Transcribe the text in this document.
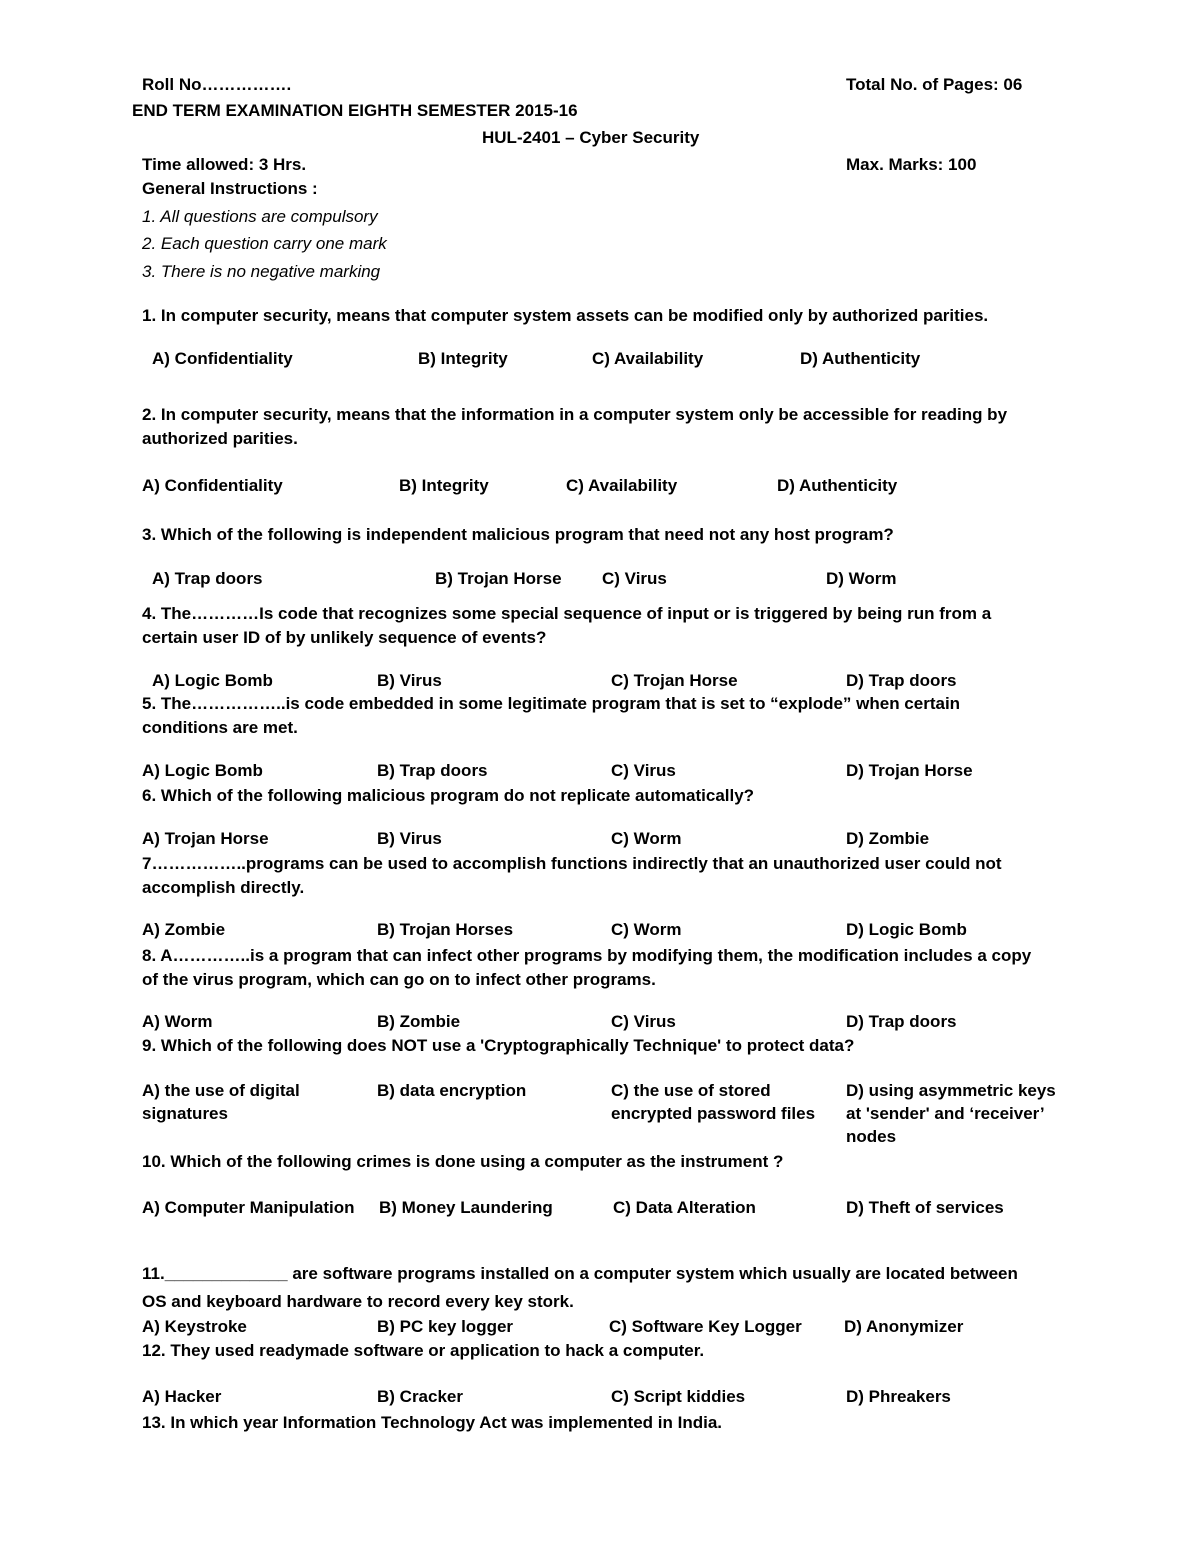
Roll No…………….	Total No. of Pages: 06
END TERM EXAMINATION EIGHTH SEMESTER 2015-16
HUL-2401 – Cyber Security
Time allowed: 3 Hrs.	Max. Marks: 100
General Instructions :
1. All questions are compulsory
2. Each question carry one mark
3. There is no negative marking
1. In computer security, means that computer system assets can be modified only by authorized parities.
A) Confidentiality	B) Integrity	C) Availability	D) Authenticity
2. In computer security, means that the information in a computer system only be accessible for reading by authorized parities.
A) Confidentiality	B) Integrity	C) Availability	D) Authenticity
3. Which of the following is independent malicious program that need not any host program?
A) Trap doors	B) Trojan Horse C) Virus	D) Worm
4. The…………Is code that recognizes some special sequence of input or is triggered by being run from a certain user ID of by unlikely sequence of events?
A) Logic Bomb	B) Virus	C) Trojan Horse	D) Trap doors
5. The……………..is code embedded in some legitimate program that is set to “explode” when certain conditions are met.
A) Logic Bomb	B) Trap doors	C) Virus	D) Trojan Horse
6. Which of the following malicious program do not replicate automatically?
A) Trojan Horse	B) Virus	C) Worm	D) Zombie
7……………..programs can be used to accomplish functions indirectly that an unauthorized user could not accomplish directly.
A) Zombie	B) Trojan Horses	C) Worm	D) Logic Bomb
8. A…………..is a program that can infect other programs by modifying them, the modification includes a copy of the virus program, which can go on to infect other programs.
A) Worm	B) Zombie	C) Virus	D) Trap doors
9. Which of the following does NOT use a 'Cryptographically Technique' to protect data?
A) the use of digital signatures
B) data encryption	C) the use of stored encrypted password files
D) using asymmetric keys at 'sender' and ‘receiver’ nodes
10. Which of the following crimes is done using a computer as the instrument ?
A) Computer Manipulation B) Money Laundering	C) Data Alteration	D) Theft of services
11._____________ are software programs installed on a computer system which usually are located between OS and keyboard hardware to record every key stork.
A) Keystroke	B) PC key logger	C) Software Key Logger D) Anonymizer
12. They used readymade software or application to hack a computer.
A) Hacker	B) Cracker	C) Script kiddies	D) Phreakers
13. In which year Information Technology Act was implemented in India.
